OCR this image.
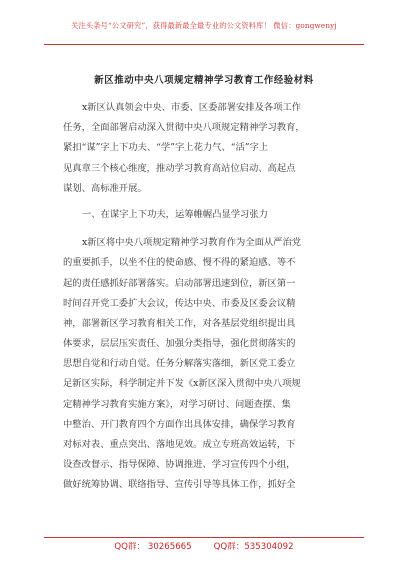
关注头条号“公文研究”，获得最新最全最专业的公文资料库！ 微信：gongwenyj
新区推动中央八项规定精神学习教育工作经验材料
x新区认真领会中央、市委、区委部署安排及各项工作
任务，全面部署启动深入贯彻中央八项规定精神学习教育，
紧扣“谋”字上下功夫、“学”字上花力气、“活”字上
见真章三个核心维度，推动学习教育高站位启动、高起点
谋划、高标准开展。
一、在谋字上下功夫，运筹帷幄凸显学习张力
x新区将中央八项规定精神学习教育作为全面从严治党
的重要抓手，以坐不住的使命感、慢不得的紧迫感、等不
起的责任感抓好部署落实。启动部署迅速到位，新区第一
时间召开党工委扩大会议，传达中央、市委及区委会议精
神，部署新区学习教育相关工作，对各基层党组织提出具
体要求，层层压实责任、加强分类指导，强化贯彻落实的
思想自觉和行动自觉。任务分解落实落细，新区党工委立
足新区实际，科学制定并下发《x新区深入贯彻中央八项规
定精神学习教育实施方案》，对学习研讨、问题查摆、集
中整治、开门教育四个方面作出具体安排，确保学习教育
对标对表、重点突出、落地见效。成立专班高效运转，下
设查改督示、指导保障、协调推进、学习宣传四个小组，
做好统筹协调、联络指导、宣传引导等具体工作，抓好全
QQ群： 30265665	QQ群：535304092
